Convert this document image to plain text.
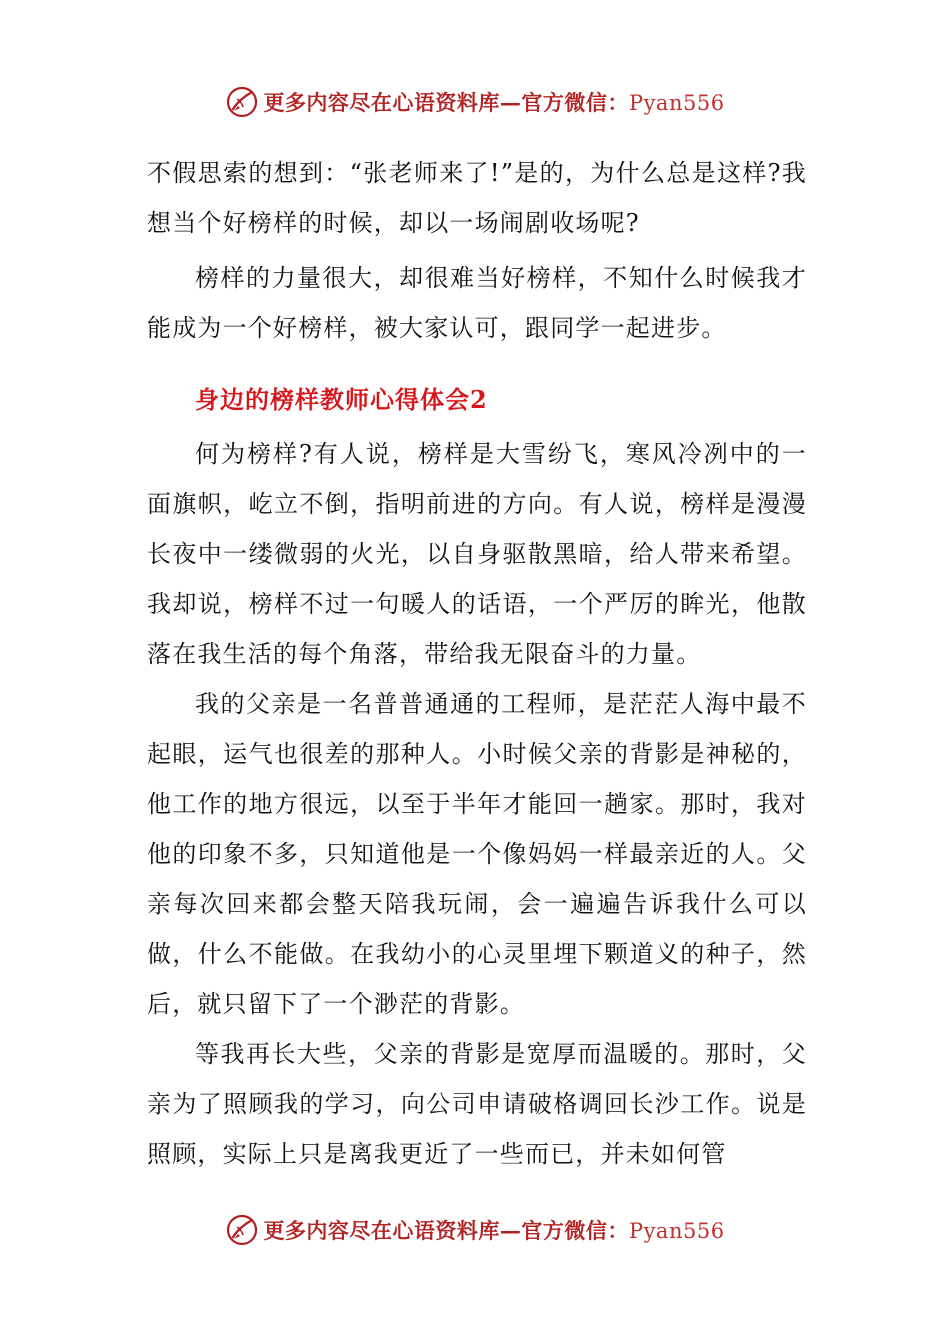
更多内容尽在心语资料库—官方微信：Pyan556

不假思索的想到：“张老师来了!”是的，为什么总是这样?我想当个好榜样的时候，却以一场闹剧收场呢?

榜样的力量很大，却很难当好榜样，不知什么时候我才能成为一个好榜样，被大家认可，跟同学一起进步。

身边的榜样教师心得体会2

何为榜样?有人说，榜样是大雪纷飞，寒风冷冽中的一面旗帜，屹立不倒，指明前进的方向。有人说，榜样是漫漫长夜中一缕微弱的火光，以自身驱散黑暗，给人带来希望。我却说，榜样不过一句暖人的话语，一个严厉的眸光，他散落在我生活的每个角落，带给我无限奋斗的力量。

我的父亲是一名普普通通的工程师，是茫茫人海中最不起眼，运气也很差的那种人。小时候父亲的背影是神秘的，他工作的地方很远，以至于半年才能回一趟家。那时，我对他的印象不多，只知道他是一个像妈妈一样最亲近的人。父亲每次回来都会整天陪我玩闹，会一遍遍告诉我什么可以做，什么不能做。在我幼小的心灵里埋下颗道义的种子，然后，就只留下了一个渺茫的背影。

等我再长大些，父亲的背影是宽厚而温暖的。那时，父亲为了照顾我的学习，向公司申请破格调回长沙工作。说是照顾，实际上只是离我更近了一些而已，并未如何管

更多内容尽在心语资料库—官方微信：Pyan556
